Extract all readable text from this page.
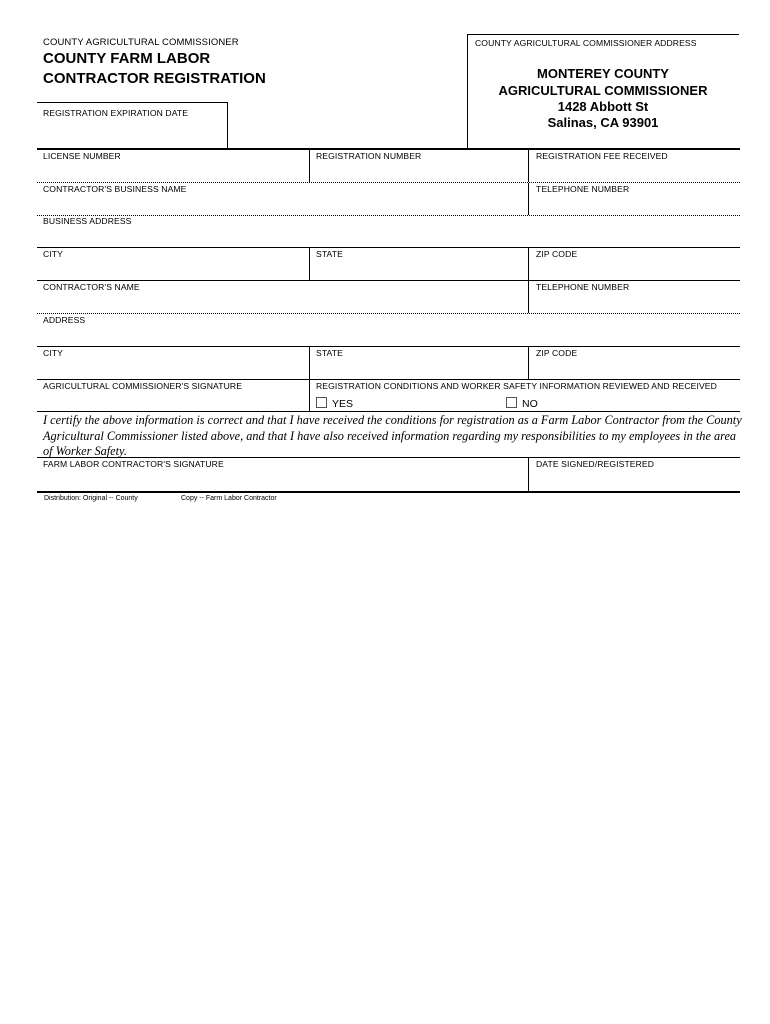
COUNTY AGRICULTURAL COMMISSIONER
COUNTY FARM LABOR
CONTRACTOR REGISTRATION
REGISTRATION EXPIRATION DATE
COUNTY AGRICULTURAL COMMISSIONER ADDRESS
MONTEREY COUNTY
AGRICULTURAL COMMISSIONER
1428 Abbott St
Salinas, CA 93901
LICENSE NUMBER	REGISTRATION NUMBER	REGISTRATION FEE RECEIVED
CONTRACTOR'S BUSINESS NAME	TELEPHONE NUMBER
BUSINESS ADDRESS
CITY	STATE	ZIP CODE
CONTRACTOR'S NAME	TELEPHONE NUMBER
ADDRESS
CITY	STATE	ZIP CODE
AGRICULTURAL COMMISSIONER'S SIGNATURE	REGISTRATION CONDITIONS AND WORKER SAFETY INFORMATION REVIEWED AND RECEIVED
YES	NO
I certify the above information is correct and that I have received the conditions for registration as a Farm Labor Contractor from the County Agricultural Commissioner listed above, and that I have also received information regarding my responsibilities to my employees in the area of Worker Safety.
FARM LABOR CONTRACTOR'S SIGNATURE	DATE SIGNED/REGISTERED
Distribution: Original -- County	Copy -- Farm Labor Contractor
